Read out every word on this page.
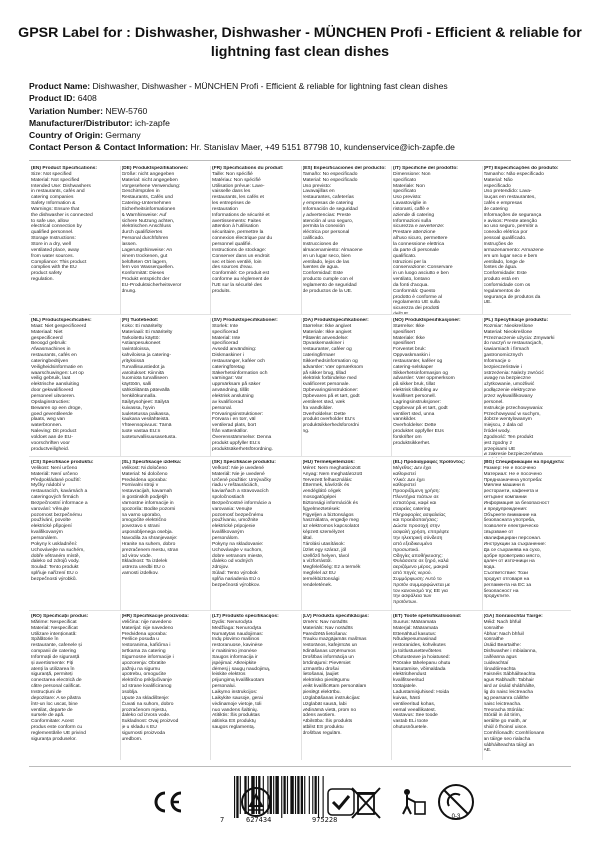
GPSR Label for : Dishwasher, Dishwasher - MÜNCHEN Profi - Efficient & reliable for lightning fast clean dishes
Product Name: Dishwasher, Dishwasher - MÜNCHEN Profi - Efficient & reliable for lightning fast clean dishes
Product ID: 6408
Variation Number: NEW-5760
Manufacturer/Distributor: ich-zapfe
Country of Origin: Germany
Contact Person & Contact Information: Hr. Stanislav Maer, +49 5151 87798 10, kundenservice@ich-zapfe.de
7	627434	975228	0-3
(EN) Product Specifications:
Size: Not specified
Material: Not specified
Intended Use: Dishwashers
in restaurants, cafés and
catering companies
Safety Information &
Warnings: Ensure that
the dishwasher is connected
to safe use, allow
electrical connection by
qualified personnel.
Storage Instructions:
Store in a dry, well
ventilated place, away
from water sources.
Compliance: This product
complies with the EU
product safety
regulation.
(DE) Produktspezifikationen:
Größe: nicht angegeben
Material: nicht angegeben
Vorgesehene Verwendung:
Geschirrspülen in
Restaurants, Cafés und
Catering-Unternehmen
Sicherheitsinformationen
& Warnhinweise: Auf
sichere Nutzung achten,
elektrischen Anschluss
durch qualifiziertes
Personal durchführen
lassen.
Lagerungshinweise: An
einem trockenen, gut
belüfteten Ort lagern,
fern von Wasserquellen.
Konformität: Dieses
Produkt entspricht der
EU-Produktsicherheitsveror
dnung.
(FR) Spécifications du produit:
Taille: Non spécifié
Matériau: Non spécifié
Utilisation prévue: Lave-
vaisselle dans les
restaurants, les cafés et
les entreprises de
restauration
Informations de sécurité et
avertissements: Faites
attention à l'utilisation
sécuritaire, permettre la
connexion électrique par du
personnel qualifié.
Instructions de stockage:
Conserver dans un endroit
sec et bien ventilé, loin
des sources d'eau.
Conformité: Ce produit est
conforme au règlement de
l'UE sur la sécurité des
produits.
(ES) Especificaciones del producto:
Tamaño: No especificado
Material: No especificado
Uso previsto:
Lavavajillas en
restaurantes, cafeterías
y empresas de catering
Información de seguridad
y advertencias: Preste
atención al uso seguro,
permita la conexión
eléctrica por personal
calificado.
Instrucciones de
almacenamiento: Almacene
en un lugar seco, bien
ventilado, lejos de las
fuentes de agua.
Conformidad: Este
producto cumple con el
reglamento de seguridad
de productos de la UE.
(IT) Specifiche del prodotto:
Dimensione: Non
specificato
Materiale: Non
specificato
Uso previsto:
Lavastoviglie in
ristoranti, caffè e
aziende di catering
Informazioni sulla
sicurezza e avvertenze:
Prestare attenzione
all'uso sicuro, permettere
la connessione elettrica
da parte di personale
qualificato.
Istruzioni per la
conservazione: Conservare
in un luogo asciutto e ben
ventilato, lontano
da fonti d'acqua.
Conformità: Questo
prodotto è conforme al
regolamento UE sulla
sicurezza dei prodotti
dell'UE.
(PT) Especificações do produto:
Tamanho: Não especificado
Material: Não
especificado
Uso pretendido: Lava-
louças em restaurantes,
cafés e empresas
de catering
Informações de segurança
e avisos: Preste atenção
ao uso seguro, permitir a
conexão elétrica por
pessoal qualificado.
Instruções de
armazenamento: Armazene
em um lugar seco e bem
ventilado, longe de
fontes de água.
Conformidade: Este
produto está em
conformidade com os
regulamentos de
segurança de produtos da
UE.
(NL) Productspecificaties:
Maat: Niet gespecificeerd
Materiaal: Niet
gespecificeerd
Beoogd gebruik:
Afwasmachines in
restaurants, cafés en
cateringbedrijven
Veiligheidsinformatie en
waarschuwingen: Let op
veilig gebruik, laat
elektrische aansluiting
door gekwalificeerd
personeel uitvoeren.
Opslaginstructies:
Bewaren op een droge,
goed geventileerde
plaats, weg van
waterbronnen.
Naleving: Dit product
voldoet aan de EU-
voorschriften voor
productveiligheid.
(FI) Tuotetiedot:
Koko: Ei määritelty
Materiaali: Ei määritelty
Tarkoitettu käyttö:
Astianpesukoneet
ravintoloissa,
kahviloissa ja catering-
yrityksissä
Turvallisuustiedot ja
varoitukset: Kiinnitä
huomiota turvalliseen
käyttöön, salli
sähköliitäntä pätevällä
henkilökunnalla.
Säilytysohjeet: Säilytä
kuivassa, hyvin
tuuletetussa paikassa,
kaukana vesilähteistä.
Yhteensopivuus: Tämä
tuote vastaa EU:n
tuoteturvallisuusasetusta.
(SV) Produktspecifikationer:
Storlek: Inte
specificerad
Material: Inte
specificerad
Avsedd användning:
Diskmaskiner i
restauranger, kaféer och
cateringföretag
Säkerhetsinformation och
varningar: Var
uppmärksam på säker
användning, tillåt
elektrisk anslutning
av kvalificerad
personal.
Förvaringsinstruktioner:
Förvara i en torr, väl
ventilerad plats, bort
från vattenkällor.
Överensstämmelse: Denna
produkt uppfyller EU:s
produktsäkerhetsförordning.
(DA) Produktspecifikationer:
Størrelse: Ikke angivet
Materiale: Ikke angivet
Påtænkt anvendelse:
Opvaskemaskiner i
restauranter, caféer og
cateringfirmaer
Sikkerhedsinformation og
advarsler: Vær opmærksom
på sikker brug, tillad
elektrisk forbindelse med
kvalificeret personale.
Opbevaringsinstruktioner:
Opbevares på et tørt, godt
ventileret sted, væk
fra vandkilder.
Overholdelse: Dette
produkt overholder EU's
produktsikkerhedsforordni
ng.
(NO) Produktspesifikasjoner:
Størrelse: Ikke
spesifisert
Materiale: Ikke
spesifisert
Forventet bruk:
Oppvaskmaskin i
restauranter, kaféer og
catering-selskaper
Sikkerhetsinformasjon og
advarsler: Vær oppmerksom
på sikker bruk, tillat
elektrisk tilkobling av
kvalifisert personell.
Lagringsinstruksjoner:
Oppbevar på et tørt, godt
ventilert sted, unna
vannkilder.
Overholdelse: Dette
produktet oppfyller EUs
forskrifter om
produktsikkerhet.
(PL) Specyfikacje produktu:
Rozmiar: Nieokreślone
Materiał: Nieokreślone
Przeznaczenie użycia: Zmywarki
do naczyń w restauracjach,
kawiarniach i firmach
gastronomicznych
Informacje o
bezpieczeństwie i
ostrzeżenia: Należy zwrócić
uwagę na bezpieczne
użytkowanie, umożliwić
podłączenie elektryczne
przez wykwalifikowany
personel.
Instrukcje przechowywania:
Przechowywać w suchym,
dobrze wentylowanym
miejscu, z dala od
źródeł wody.
Zgodność: Ten produkt
jest zgodny z
przepisami UE
w zakresie bezpieczeństwa
(CS) Specifikace produktu:
Velikost: Není určeno
Materiál: Není určeno
Předpokládané použití:
Myčky nádobí v
restauracích, kavárnách a
cateringových firmách
Bezpečnostní informace a
varování: Věnujte
pozornost bezpečnému
používání, povolte
elektrické připojení
kvalifikovaným
personálem.
Pokyny k uskladnění:
Uchovávejte na suchém,
dobře větraném místě,
daleko od zdrojů vody.
Soulad: Tento produkt
splňuje nařízení EU o
bezpečnosti výrobků.
(SL) Specifikacije izdelka:
Velikost: Ni določeno
Material: Ni določeno
Predvidena uporaba:
Pomivalni stroji v
restavracijah, kavarnah
in gostinskih podjetjih
Varnostne informacije in
opozorila: Bodite pozorni
na varno uporabo,
omogočite električno
povezavo s strani
usposobljenega osebja.
Navodila za shranjevanje:
Hranite na suhem, dobro
prezračenem mestu, stran
od virov vode.
Skladnost: Ta izdelek
ustreza uredbi EU o
varnosti izdelkov.
(SK) Špecifikácie produktu:
Veľkosť: Nie je uvedené
Materiál: Nie je uvedené
Určené použitie: Umývačky
riadu v reštauráciách,
kaviarňach a stravovacích
spoločnostiach
Bezpečnostné informácie a
varovania: Venujte
pozornosť bezpečnému
používaniu, umožnite
elektrické pripojenie
kvalifikovaným
personálom.
Pokyny na skladovanie:
Uchovávajte v suchom,
dobre vetranom mieste,
ďaleko od vodných
zdrojov.
Súlad: Tento výrobok
spĺňa nariadenia EÚ o
bezpečnosti výrobkov.
(HU) Termékjellemzők:
Méret: Nem meghatározott
Anyag: Nem meghatározott
Tervezett felhasználás:
Éttermek, kávézók és
vendéglátó cégek
mosogatógépei
Biztonsági információk és
figyelmeztetések:
Figyeljen a biztonságos
használatra, engedje meg
az elektromos kapcsolatot
képzett személyzet
által.
Tárolási utasítások:
Üzlet egy száraz, jól
szellőző helyen, távol
a vízforrástól.
Megfelelőség: Ez a termék
megfelel az EU
termékbiztonsági
rendeletének.
(EL) Προδιαγραφές προϊόντος:
Μέγεθος: Δεν έχει
καθοριστεί
Υλικό: Δεν έχει
καθοριστεί
Προοριζόμενη χρήση:
Πλυντήρια πιάτων σε
εστιατόρια, καφέ και
εταιρείες catering
Πληροφορίες ασφαλείας
και προειδοποιήσεις:
Δώστε προσοχή στην
ασφαλή χρήση, επιτρέψτε
την ηλεκτρική σύνδεση
από εξειδικευμένο
προσωπικό.
Οδηγίες αποθήκευσης:
Φυλάσσετε σε ξηρό, καλά
αεριζόμενο μέρος, μακριά
από πηγές νερού.
Συμμόρφωση: Αυτό το
προϊόν συμμορφώνεται με
τον κανονισμό της ΕΕ για
την ασφάλεια των
προϊόντων.
(BG) Спецификации на продукта:
Размер: Не е посочено
Материал: Не е посочено
Предназначена употреба:
Миялни машини в
ресторанти, кафенета и
кетъринг компании
Информация за безопасност
и предупреждения:
Обърнете внимание на
безопасната употреба,
позволете електрическо
свързване от
квалифициран персонал.
Инструкции за съхранение:
Да се съхранява на сухо,
добре проветриво място,
далеч от източници на
вода.
Съответствие: Този
продукт отговаря на
регламента на ЕС за
безопасност на
продуктите.
(RO) Specificații produs:
Mărime: Nespecificat
Material: Nespecificat
Utilizare intenționată:
Spălătorie în
restaurante, cafenele și
companii de catering
Informații de siguranță
și avertismente: Fiți
atenți la utilizarea în
siguranță, permiteți
conectarea electrică de
către personal calificat.
Instrucțiuni de
depozitare: A se păstra
într-un loc uscat, bine
ventilat, departe de
sursele de apă.
Conformitate: Acest
produs este conform cu
reglementările UE privind
siguranța produselor.
(HR) Specifikacije proizvoda:
Veličina: nije navedeno
Materijal: nije navedeno
Predviđena uporaba:
Perilice posuđa u
restoranima, kafićima i
tvrtkama za catering
Sigurnosne informacije i
upozorenja: Obratite
pažnju na sigurnu
upotrebu, omogućite
električno priključivanje
od strane kvalificiranog
osoblja.
Upute za skladištenje:
Čuvati na suhom, dobro
prozračenom mjestu,
daleko od izvora vode.
Sukladnost: Ovaj proizvod
je u skladu s EU
sigurnosti proizvoda
uredbom.
(LT) Produkto specifikacijos:
Dydis: Nenurodyta
Medžiaga: Nenurodyta
Numatytas naudojimas:
Indų plovimo mašinos
restoranuose, kavinėse
ir maitinimo įmonėse
Saugos informacija ir
įspėjimai: Atkreipkite
dėmesį į saugų naudojimą,
leiskite elektros
prijungimą kvalifikuotam
personalui.
Laikymo instrukcijos:
Laikykite sausoje, gerai
vėdinamoje vietoje, toli
nuo vandens šaltinių.
Atitiktis: Šis produktas
atitinka ES produktų
saugos reglamentą.
(LV) Produkta specifikācijas:
Izmērs: Nav norādīts
Materiāls: Nav norādīts
Paredzētā lietošana:
Trauku mazgājamās mašīnas
restorānos, kafejnīcās un
ēdināšanas uzņēmumos
Drošības informācija un
brīdinājumi: Pievērsiet
uzmanību drošai
lietošanai, ļaujiet
elektrisko pieslēgumu
veikt kvalificētam personālam
pieslēgt elektrību.
Uzglabāšanas instrukcijas:
Uzglabāt sausā, labi
vēdināmā vietā, prom no
ūdens avotiem.
Atbilstība: Šis produkts
atbilst ES produktu
drošības regulām.
(ET) Toote spetsifikatsioonid:
Suurus: Määramata
Materjal: Määramata
Ettenähtud kasutus:
Nõudepesumasinad
restoranides, kohvikutes
ja toitlustusettevõtetes
Ohutusteave ja hoiatused:
Pöörake tähelepanu ohutu
kasutamise, võimaldada
elektriühendust
kvalifitseeritud
töötajatele.
Ladustamisjuhised: Hoida
kuivas, hästi
ventileeritud kohas,
eemal veeallikatest.
Vastavus: See toode
vastab ELi toote
ohutusnõuetele.
(GA) Sonraíochtaí Táirge:
Méid: Nach bhfuil
sonraithe
Ábhar: Nach bhfuil
sonraithe
Úsáid Beartaithe:
Dishwasher i mbialanna,
caiféanna agus
cuideachtaí
lónadóireachta
Faisnéis Sábháilteachta
agus Rabhadh: Tabhair
aird ar úsáid shábháilte,
lig do naisc leictreacha
ag pearsanra cáilithe
naisc leictreacha.
Treoracha Stórála:
Stóráil in áit tirim,
aeráilte go maith, ar
shiúl ó fhoinsí uisce.
Comhlíonadh: Comhlíonann
an táirge seo rialacha
sábháilteachta táirgí an
AE.
